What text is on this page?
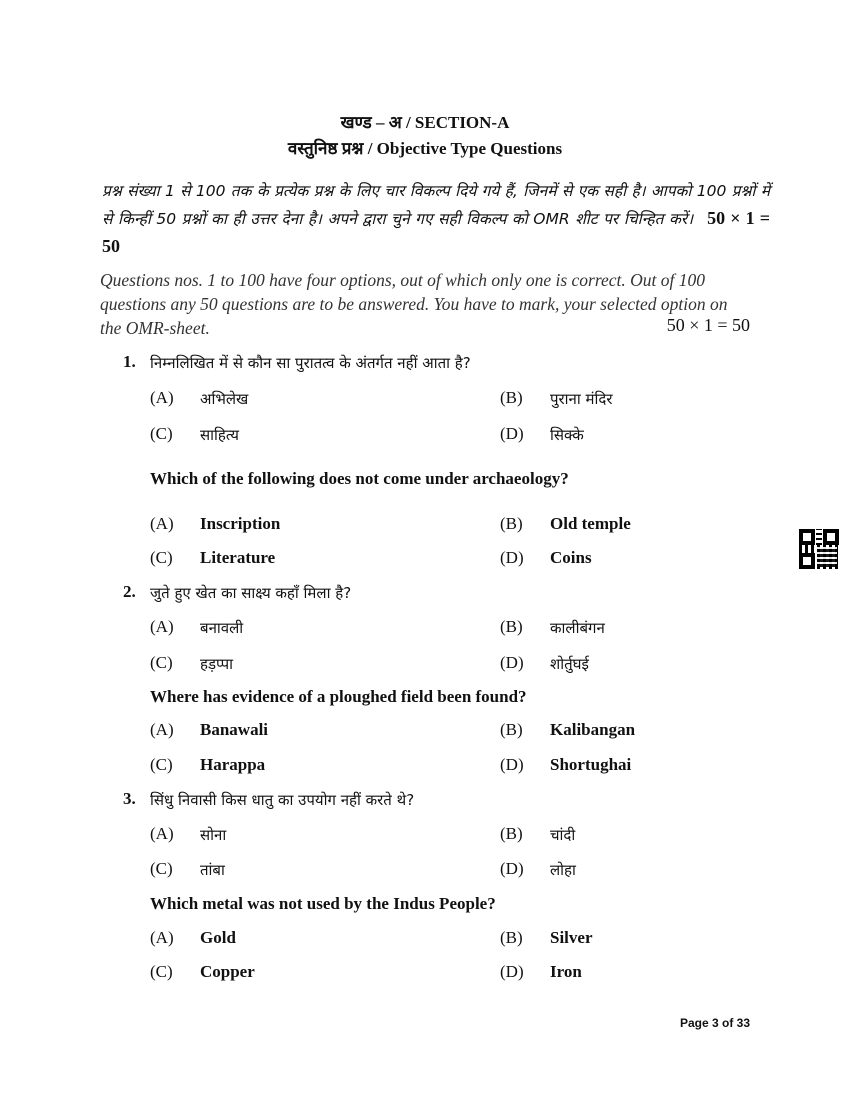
खण्ड – अ / SECTION-A
वस्तुनिष्ठ प्रश्न / Objective Type Questions
प्रश्न संख्या 1 से 100 तक के प्रत्येक प्रश्न के लिए चार विकल्प दिये गये हैं, जिनमें से एक सही है। आपको 100 प्रश्नों में से किन्हीं 50 प्रश्नों का ही उत्तर देना है। अपने द्वारा चुने गए सही विकल्प को OMR शीट पर चिन्हित करें। 50 × 1 = 50
Questions nos. 1 to 100 have four options, out of which only one is correct. Out of 100 questions any 50 questions are to be answered. You have to mark, your selected option on the OMR-sheet.	50 × 1 = 50
1. निम्नलिखित में से कौन सा पुरातत्व के अंतर्गत नहीं आता है?
(A)	अभिलेख	(B)	पुराना मंदिर
(C)	साहित्य	(D)	सिक्के
Which of the following does not come under archaeology?
(A)	Inscription	(B)	Old temple
(C)	Literature	(D)	Coins
2. जुते हुए खेत का साक्ष्य कहाँ मिला है?
(A)	बनावली	(B)	कालीबंगन
(C)	हड़प्पा	(D)	शोर्तुघई
Where has evidence of a ploughed field been found?
(A)	Banawali	(B)	Kalibangan
(C)	Harappa	(D)	Shortughai
3. सिंधु निवासी किस धातु का उपयोग नहीं करते थे?
(A)	सोना	(B)	चांदी
(C)	तांबा	(D)	लोहा
Which metal was not used by the Indus People?
(A)	Gold	(B)	Silver
(C)	Copper	(D)	Iron
Page 3 of 33
